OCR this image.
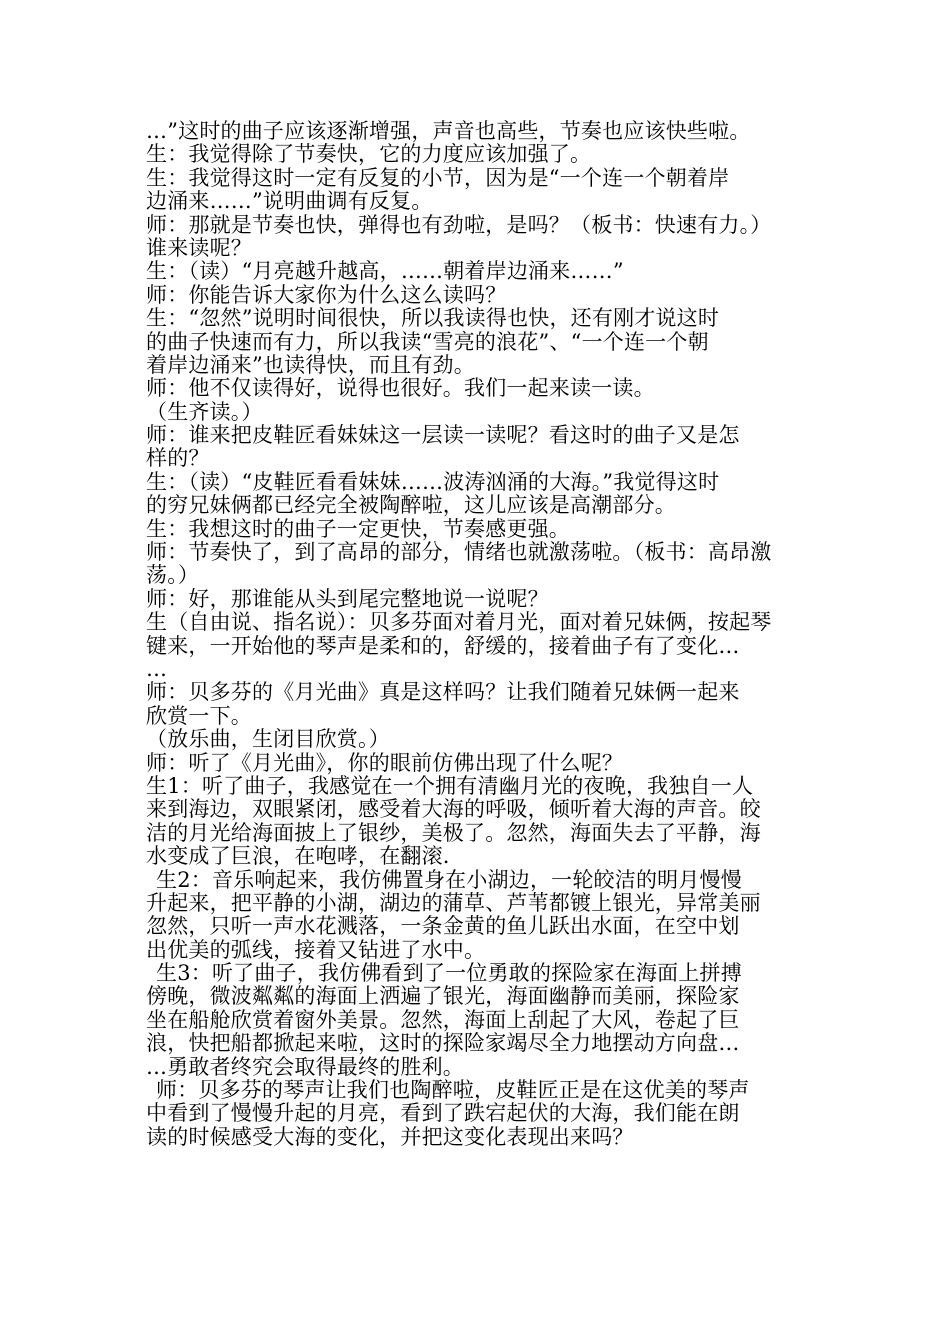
…”这时的曲子应该逐渐增强，声音也高些，节奏也应该快些啦。
生：我觉得除了节奏快，它的力度应该加强了。
生：我觉得这时一定有反复的小节，因为是“一个连一个朝着岸
边涌来……”说明曲调有反复。
师：那就是节奏也快，弹得也有劲啦，是吗？（板书：快速有力。）
谁来读呢？
生：（读）“月亮越升越高，……朝着岸边涌来……”
师：你能告诉大家你为什么这么读吗？
生：“忽然”说明时间很快，所以我读得也快，还有刚才说这时
的曲子快速而有力，所以我读“雪亮的浪花”、“一个连一个朝
着岸边涌来”也读得快，而且有劲。
师：他不仅读得好，说得也很好。我们一起来读一读。
（生齐读。）
师：谁来把皮鞋匠看妹妹这一层读一读呢？看这时的曲子又是怎
样的？
生：（读）“皮鞋匠看看妹妹……波涛汹涌的大海。”我觉得这时
的穷兄妹俩都已经完全被陶醉啦，这儿应该是高潮部分。
生：我想这时的曲子一定更快，节奏感更强。
师：节奏快了，到了高昂的部分，情绪也就激荡啦。（板书：高昂激
荡。）
师：好，那谁能从头到尾完整地说一说呢？
生（自由说、指名说）：贝多芬面对着月光，面对着兄妹俩，按起琴
键来，一开始他的琴声是柔和的，舒缓的，接着曲子有了变化…
…
师：贝多芬的《月光曲》真是这样吗？让我们随着兄妹俩一起来
欣赏一下。
（放乐曲，生闭目欣赏。）
师：听了《月光曲》，你的眼前仿佛出现了什么呢？
生1：听了曲子，我感觉在一个拥有清幽月光的夜晚，我独自一人
来到海边，双眼紧闭，感受着大海的呼吸，倾听着大海的声音。皎
洁的月光给海面披上了银纱，美极了。忽然，海面失去了平静，海
水变成了巨浪，在咆哮，在翻滚.
生2：音乐响起来，我仿佛置身在小湖边，一轮皎洁的明月慢慢
升起来，把平静的小湖，湖边的蒲草、芦苇都镀上银光，异常美丽
忽然，只听一声水花溅落，一条金黄的鱼儿跃出水面，在空中划
出优美的弧线，接着又钻进了水中。
生3：听了曲子，我仿佛看到了一位勇敢的探险家在海面上拼搏
傍晚，微波粼粼的海面上洒遍了银光，海面幽静而美丽，探险家
坐在船舱欣赏着窗外美景。忽然，海面上刮起了大风，卷起了巨
浪，快把船都掀起来啦，这时的探险家竭尽全力地摆动方向盘…
…勇敢者终究会取得最终的胜利。
师：贝多芬的琴声让我们也陶醉啦，皮鞋匠正是在这优美的琴声
中看到了慢慢升起的月亮，看到了跌宕起伏的大海，我们能在朗
读的时候感受大海的变化，并把这变化表现出来吗？
